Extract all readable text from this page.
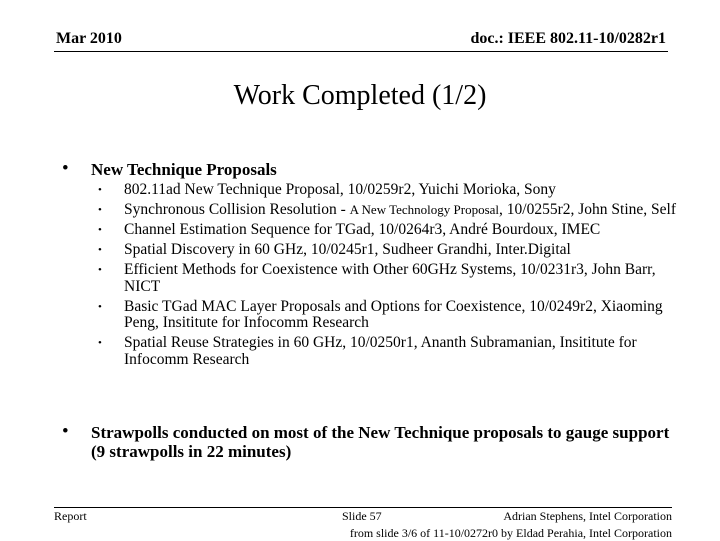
Mar 2010	doc.: IEEE 802.11-10/0282r1
Work Completed (1/2)
• New Technique Proposals
• 802.11ad New Technique Proposal, 10/0259r2, Yuichi Morioka, Sony
• Synchronous Collision Resolution - A New Technology Proposal, 10/0255r2, John Stine, Self
• Channel Estimation Sequence for TGad, 10/0264r3, André Bourdoux, IMEC
• Spatial Discovery in 60 GHz, 10/0245r1, Sudheer Grandhi, Inter.Digital
• Efficient Methods for Coexistence with Other 60GHz Systems, 10/0231r3, John Barr, NICT
• Basic TGad MAC Layer Proposals and Options for Coexistence, 10/0249r2, Xiaoming Peng, Insititute for Infocomm Research
• Spatial Reuse Strategies in 60 GHz, 10/0250r1, Ananth Subramanian, Insititute for Infocomm Research
• Strawpolls conducted on most of the New Technique proposals to gauge support (9 strawpolls in 22 minutes)
Report	Slide 57	Adrian Stephens, Intel Corporation
from slide 3/6 of 11-10/0272r0 by Eldad Perahia, Intel Corporation
